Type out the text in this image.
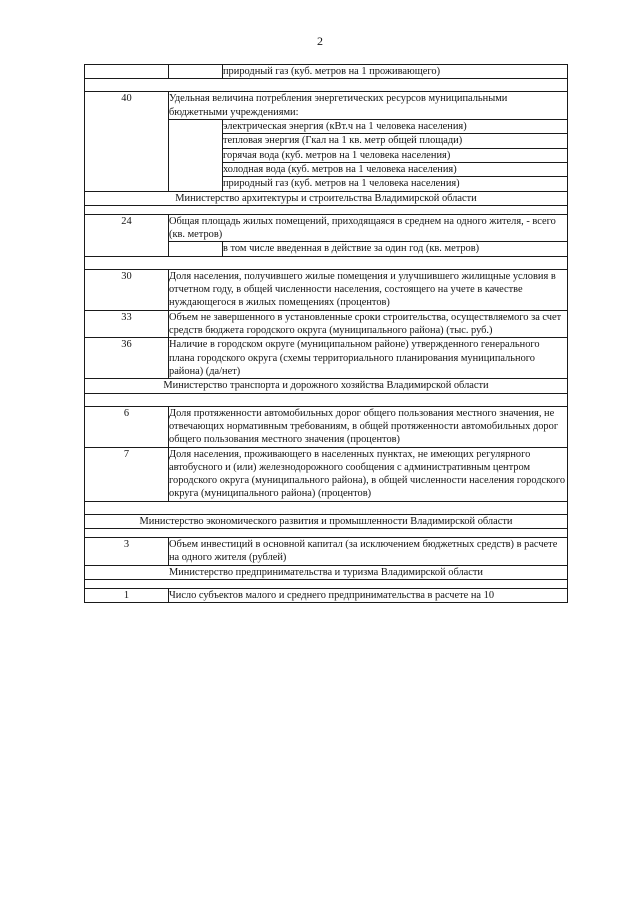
2
		природный газ (куб. метров на 1 проживающего)

40	Удельная величина потребления энергетических ресурсов муниципальными бюджетными учреждениями:	
		электрическая энергия (кВт.ч на 1 человека населения)
		тепловая энергия (Гкал на 1 кв. метр общей площади)
		горячая вода (куб. метров на 1 человека населения)
		холодная вода (куб. метров на 1 человека населения)
		природный газ (куб. метров на 1 человека населения)
Министерство архитектуры и строительства Владимирской области		

24	Общая площадь жилых помещений, приходящаяся в среднем на одного жителя, - всего (кв. метров)	
		в том числе введенная в действие за один год (кв. метров)

30	Доля населения, получившего жилые помещения и улучшившего жилищные условия в отчетном году, в общей численности населения, состоящего на учете в качестве нуждающегося в жилых помещениях (процентов)	
33	Объем не завершенного в установленные сроки строительства, осуществляемого за счет средств бюджета городского округа (муниципального района) (тыс. руб.)	
36	Наличие в городском округе (муниципальном районе) утвержденного генерального плана городского округа (схемы территориального планирования муниципального района) (да/нет)	
Министерство транспорта и дорожного хозяйства Владимирской области		

6	Доля протяженности автомобильных дорог общего пользования местного значения, не отвечающих нормативным требованиям, в общей протяженности автомобильных дорог общего пользования местного значения (процентов)	
7	Доля населения, проживающего в населенных пунктах, не имеющих регулярного автобусного и (или) железнодорожного сообщения с административным центром городского округа (муниципального района), в общей численности населения городского округа (муниципального района) (процентов)	

Министерство экономического развития и промышленности Владимирской области		

3	Объем инвестиций в основной капитал (за исключением бюджетных средств) в расчете на одного жителя (рублей)	
Министерство предпринимательства и туризма Владимирской области		

1	Число субъектов малого и среднего предпринимательства в расчете на 10	
